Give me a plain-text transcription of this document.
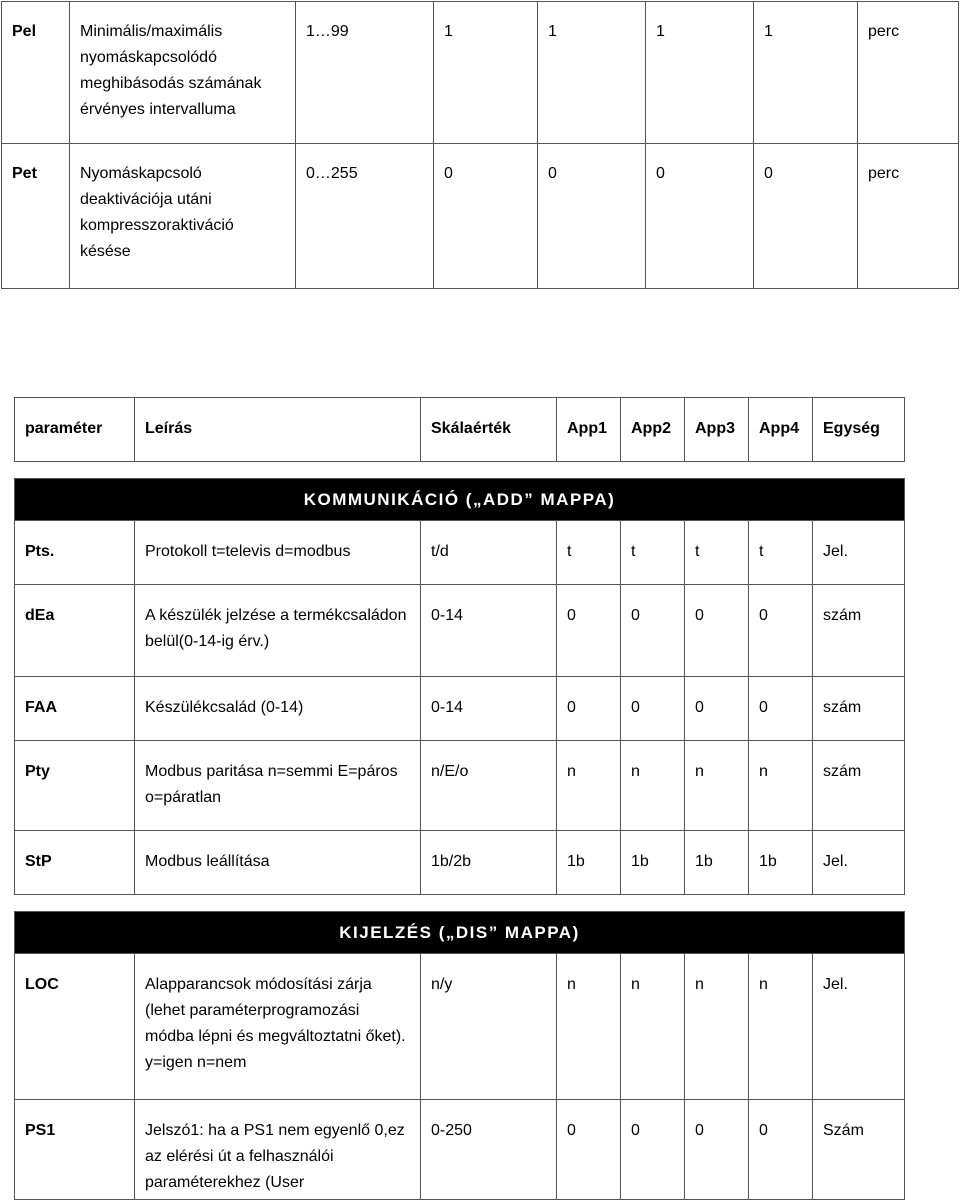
Pel	Minimális/maximális nyomáskapcsolódó meghibásodás számának érvényes intervalluma	1…99	1	1	1	1	perc
Pet	Nyomáskapcsoló deaktivációja utáni kompresszoraktiváció késése	0…255	0	0	0	0	perc
paraméter	Leírás	Skálaérték	App1	App2	App3	App4	Egység

KOMMUNIKÁCIÓ („ADD” MAPPA)							
Pts.	Protokoll t=televis d=modbus	t/d	t	t	t	t	Jel.
dEa	A készülék jelzése a termékcsaládon belül(0-14-ig érv.)	0-14	0	0	0	0	szám
FAA	Készülékcsalád (0-14)	0-14	0	0	0	0	szám
Pty	Modbus paritása n=semmi E=páros o=páratlan	n/E/o	n	n	n	n	szám
StP	Modbus leállítása	1b/2b	1b	1b	1b	1b	Jel.

KIJELZÉS („DIS” MAPPA)							
LOC	Alapparancsok módosítási zárja (lehet paraméterprogramozási módba lépni és megváltoztatni őket). y=igen n=nem	n/y	n	n	n	n	Jel.
PS1	Jelszó1: ha a PS1 nem egyenlő 0,ez az elérési út a felhasználói paraméterekhez (User	0-250	0	0	0	0	Szám
